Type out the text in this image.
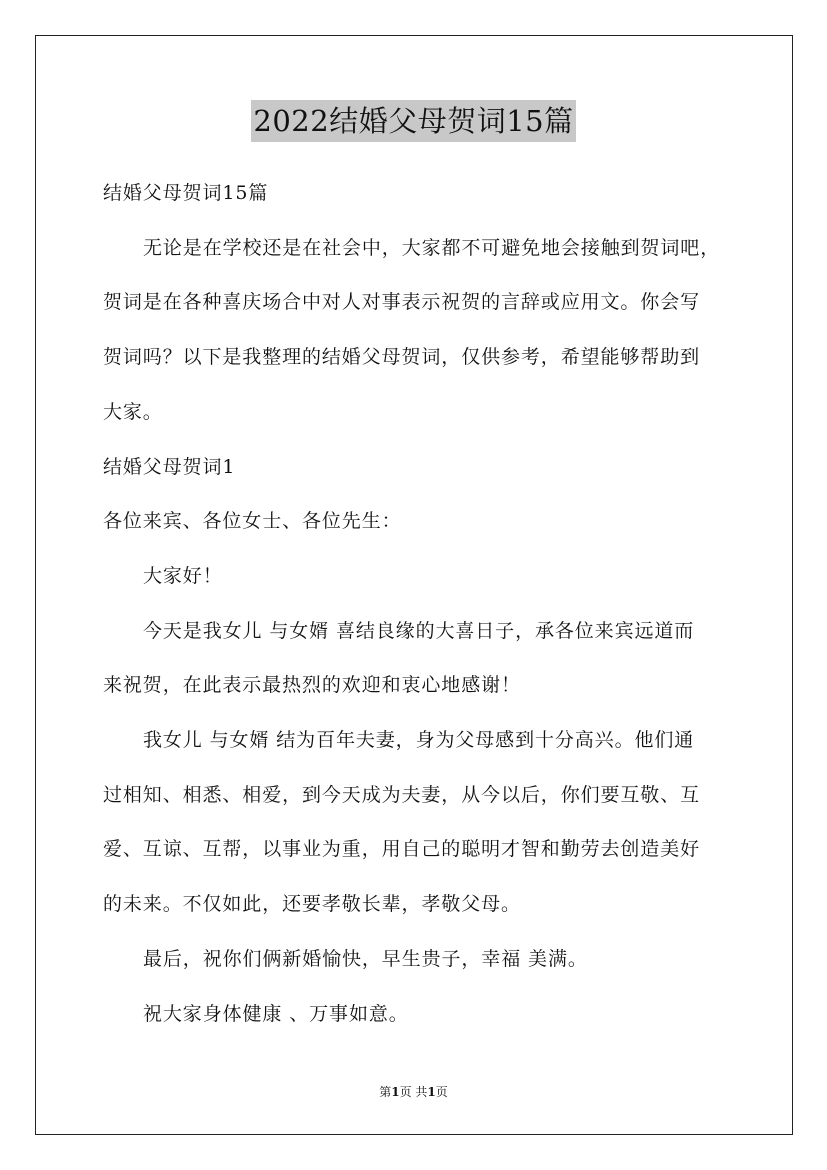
2022结婚父母贺词15篇
结婚父母贺词15篇
无论是在学校还是在社会中，大家都不可避免地会接触到贺词吧，
贺词是在各种喜庆场合中对人对事表示祝贺的言辞或应用文。你会写
贺词吗？以下是我整理的结婚父母贺词，仅供参考，希望能够帮助到
大家。
结婚父母贺词1
各位来宾、各位女士、各位先生：
大家好！
今天是我女儿 与女婿 喜结良缘的大喜日子，承各位来宾远道而
来祝贺，在此表示最热烈的欢迎和衷心地感谢！
我女儿 与女婿 结为百年夫妻，身为父母感到十分高兴。他们通
过相知、相悉、相爱，到今天成为夫妻，从今以后，你们要互敬、互
爱、互谅、互帮，以事业为重，用自己的聪明才智和勤劳去创造美好
的未来。不仅如此，还要孝敬长辈，孝敬父母。
最后，祝你们俩新婚愉快，早生贵子，幸福 美满。
祝大家身体健康 、万事如意。
第1页 共1页
